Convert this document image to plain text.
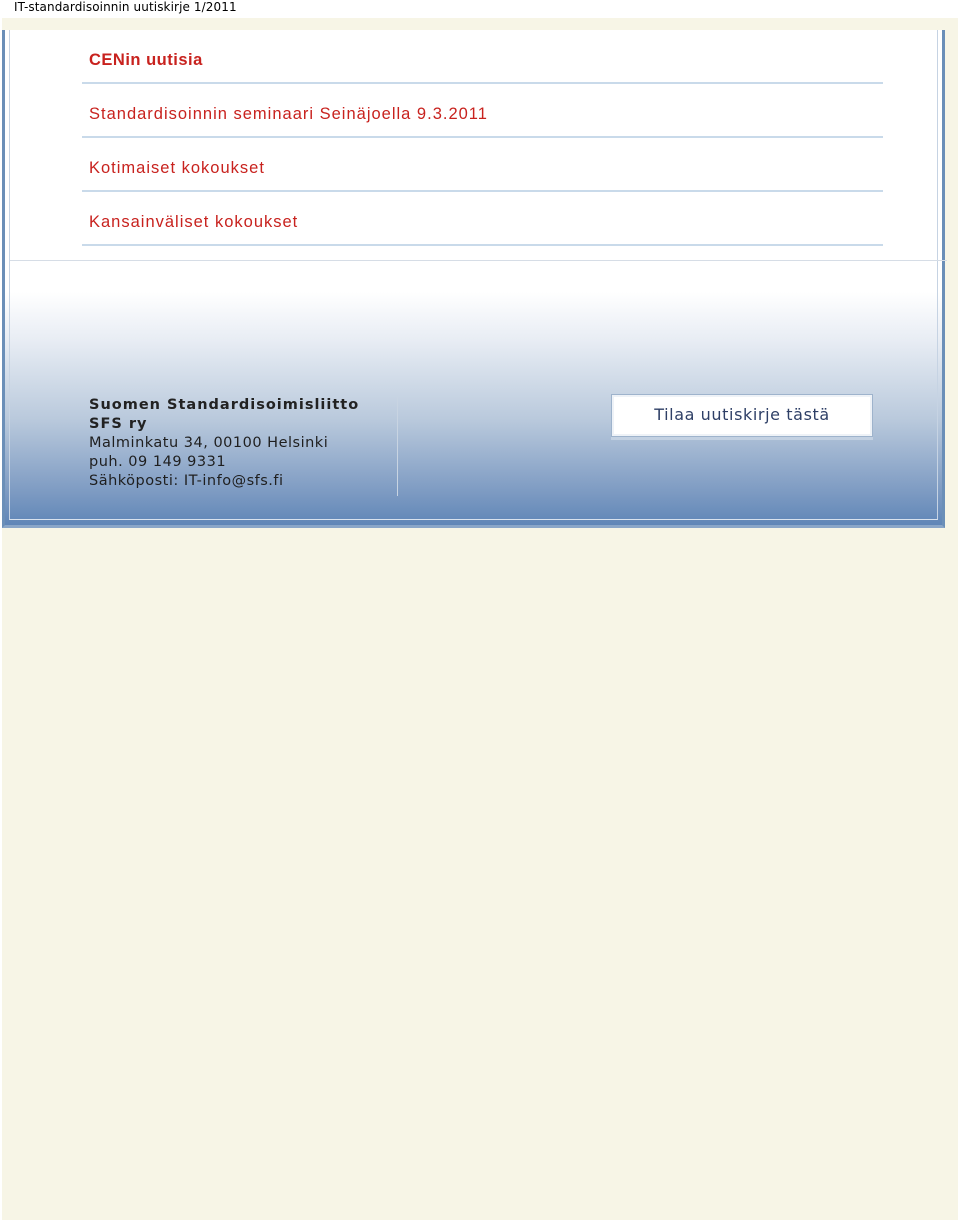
IT-standardisoinnin uutiskirje 1/2011
CENin uutisia
Standardisoinnin seminaari Seinäjoella 9.3.2011
Kotimaiset kokoukset
Kansainväliset kokoukset
Suomen Standardisoimisliitto
SFS ry
Malminkatu 34, 00100 Helsinki
puh. 09 149 9331
Sähköposti: IT-info@sfs.fi
Tilaa uutiskirje tästä
